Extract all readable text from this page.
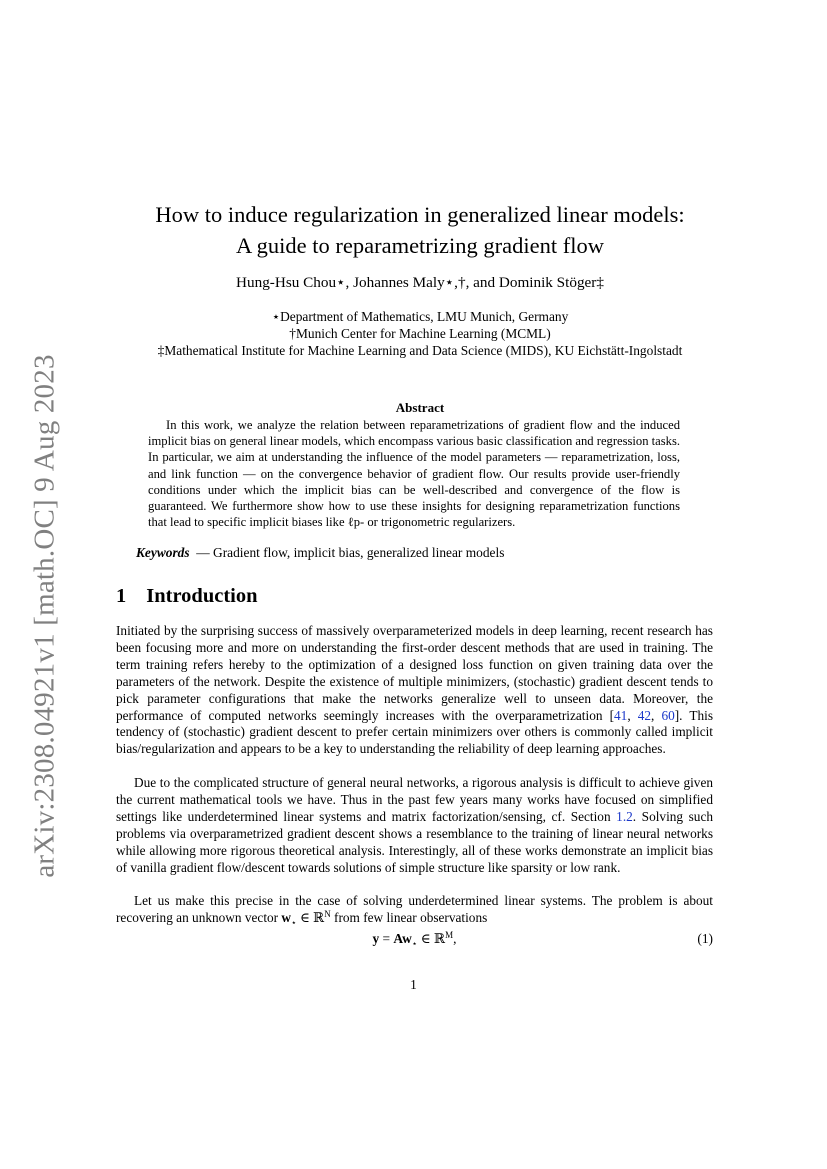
arXiv:2308.04921v1 [math.OC] 9 Aug 2023
How to induce regularization in generalized linear models:
A guide to reparametrizing gradient flow
Hung-Hsu Chou⋆, Johannes Maly⋆,†, and Dominik Stöger‡
⋆Department of Mathematics, LMU Munich, Germany
†Munich Center for Machine Learning (MCML)
‡Mathematical Institute for Machine Learning and Data Science (MIDS), KU Eichstätt-Ingolstadt
Abstract

In this work, we analyze the relation between reparametrizations of gradient flow and the induced implicit bias on general linear models, which encompass various basic classification and regression tasks. In particular, we aim at understanding the influence of the model parameters — reparametrization, loss, and link function — on the convergence behavior of gradient flow. Our results provide user-friendly conditions under which the implicit bias can be well-described and convergence of the flow is guaranteed. We furthermore show how to use these insights for designing reparametrization functions that lead to specific implicit biases like ℓp- or trigonometric regularizers.

Keywords — Gradient flow, implicit bias, generalized linear models
1 Introduction

Initiated by the surprising success of massively overparameterized models in deep learning, recent research has been focusing more and more on understanding the first-order descent methods that are used in training. The term training refers hereby to the optimization of a designed loss function on given training data over the parameters of the network. Despite the existence of multiple minimizers, (stochastic) gradient descent tends to pick parameter configurations that make the networks generalize well to unseen data. Moreover, the performance of computed networks seemingly increases with the overparametrization [41, 42, 60]. This tendency of (stochastic) gradient descent to prefer certain minimizers over others is commonly called implicit bias/regularization and appears to be a key to understanding the reliability of deep learning approaches.

Due to the complicated structure of general neural networks, a rigorous analysis is difficult to achieve given the current mathematical tools we have. Thus in the past few years many works have focused on simplified settings like underdetermined linear systems and matrix factorization/sensing, cf. Section 1.2. Solving such problems via overparametrized gradient descent shows a resemblance to the training of linear neural networks while allowing more rigorous theoretical analysis. Interestingly, all of these works demonstrate an implicit bias of vanilla gradient flow/descent towards solutions of simple structure like sparsity or low rank.

Let us make this precise in the case of solving underdetermined linear systems. The problem is about recovering an unknown vector $w_⋆$ ∈ ℝ$^N$ from few linear observations

$y = Aw_⋆$ ∈ ℝ$^M$,	(1)
1
